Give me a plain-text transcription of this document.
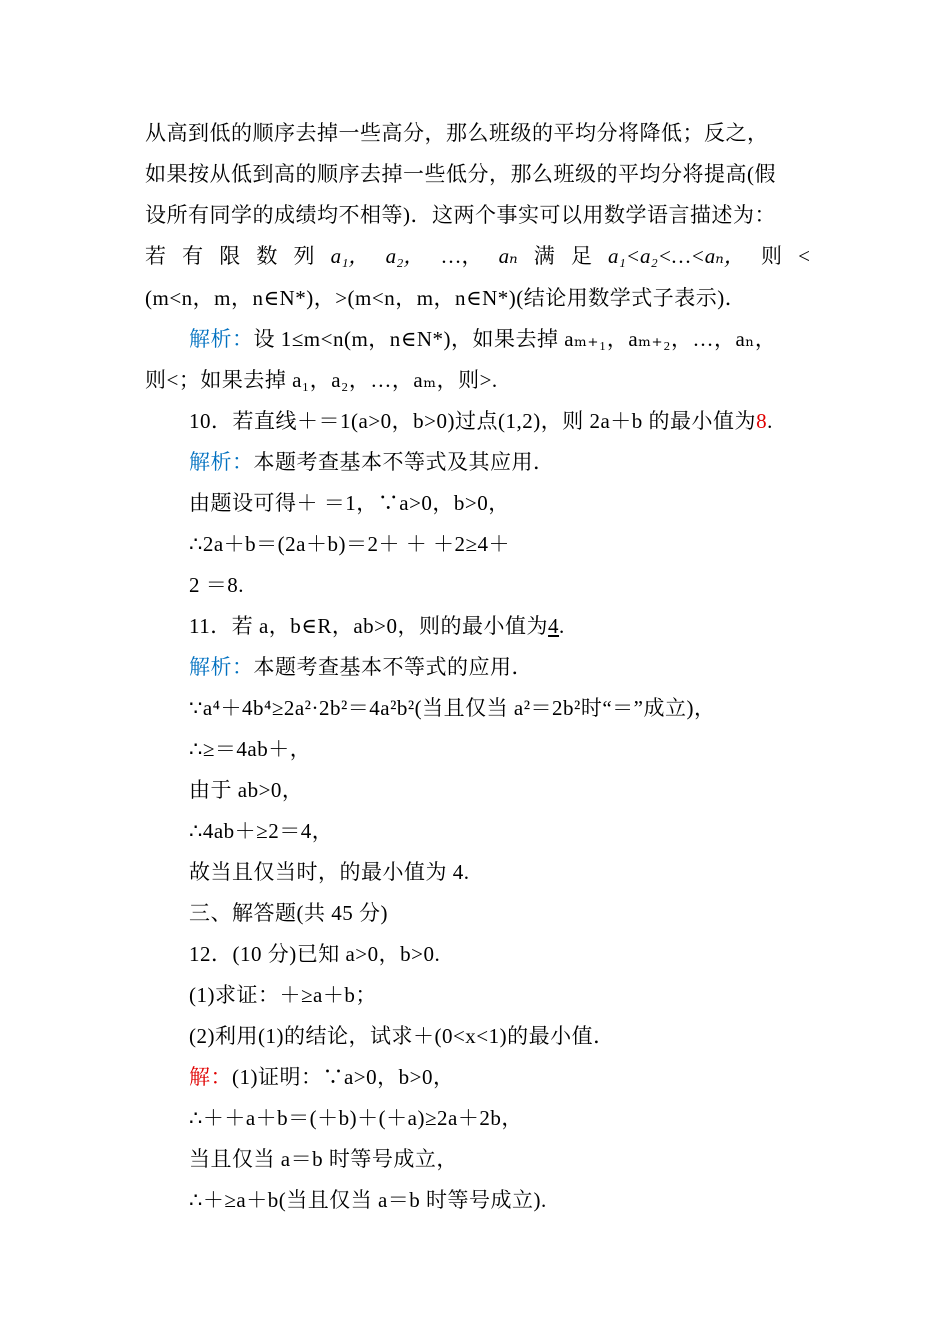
从高到低的顺序去掉一些高分，那么班级的平均分将降低；反之，
如果按从低到高的顺序去掉一些低分，那么班级的平均分将提高(假
设所有同学的成绩均不相等)．这两个事实可以用数学语言描述为：
若 有 限 数 列 a₁， a₂， …， aₙ 满 足 a₁<a₂<…<aₙ， 则 <
(m<n，m，n∈N*)，>(m<n，m，n∈N*)(结论用数学式子表示)．
解析：设 1≤m<n(m，n∈N*)，如果去掉 aₘ₊₁，aₘ₊₂，…，aₙ，
则<；如果去掉 a₁，a₂，…，aₘ，则>.
10．若直线＋＝1(a>0，b>0)过点(1,2)，则 2a＋b 的最小值为8.
解析：本题考查基本不等式及其应用．
由题设可得＋ ＝1，∵a>0，b>0，
∴2a＋b＝(2a＋b)＝2＋ ＋ ＋2≥4＋
2 ＝8.
11．若 a，b∈R，ab>0，则的最小值为4.
解析：本题考查基本不等式的应用．
∵a⁴＋4b⁴≥2a²·2b²＝4a²b²(当且仅当 a²＝2b²时“＝”成立)，
∴≥＝4ab＋，
由于 ab>0，
∴4ab＋≥2＝4，
故当且仅当时，的最小值为 4.
三、解答题(共 45 分)
12．(10 分)已知 a>0，b>0.
(1)求证：＋≥a＋b；
(2)利用(1)的结论，试求＋(0<x<1)的最小值．
解：(1)证明：∵a>0，b>0，
∴＋＋a＋b＝(＋b)＋(＋a)≥2a＋2b，
当且仅当 a＝b 时等号成立，
∴＋≥a＋b(当且仅当 a＝b 时等号成立).
